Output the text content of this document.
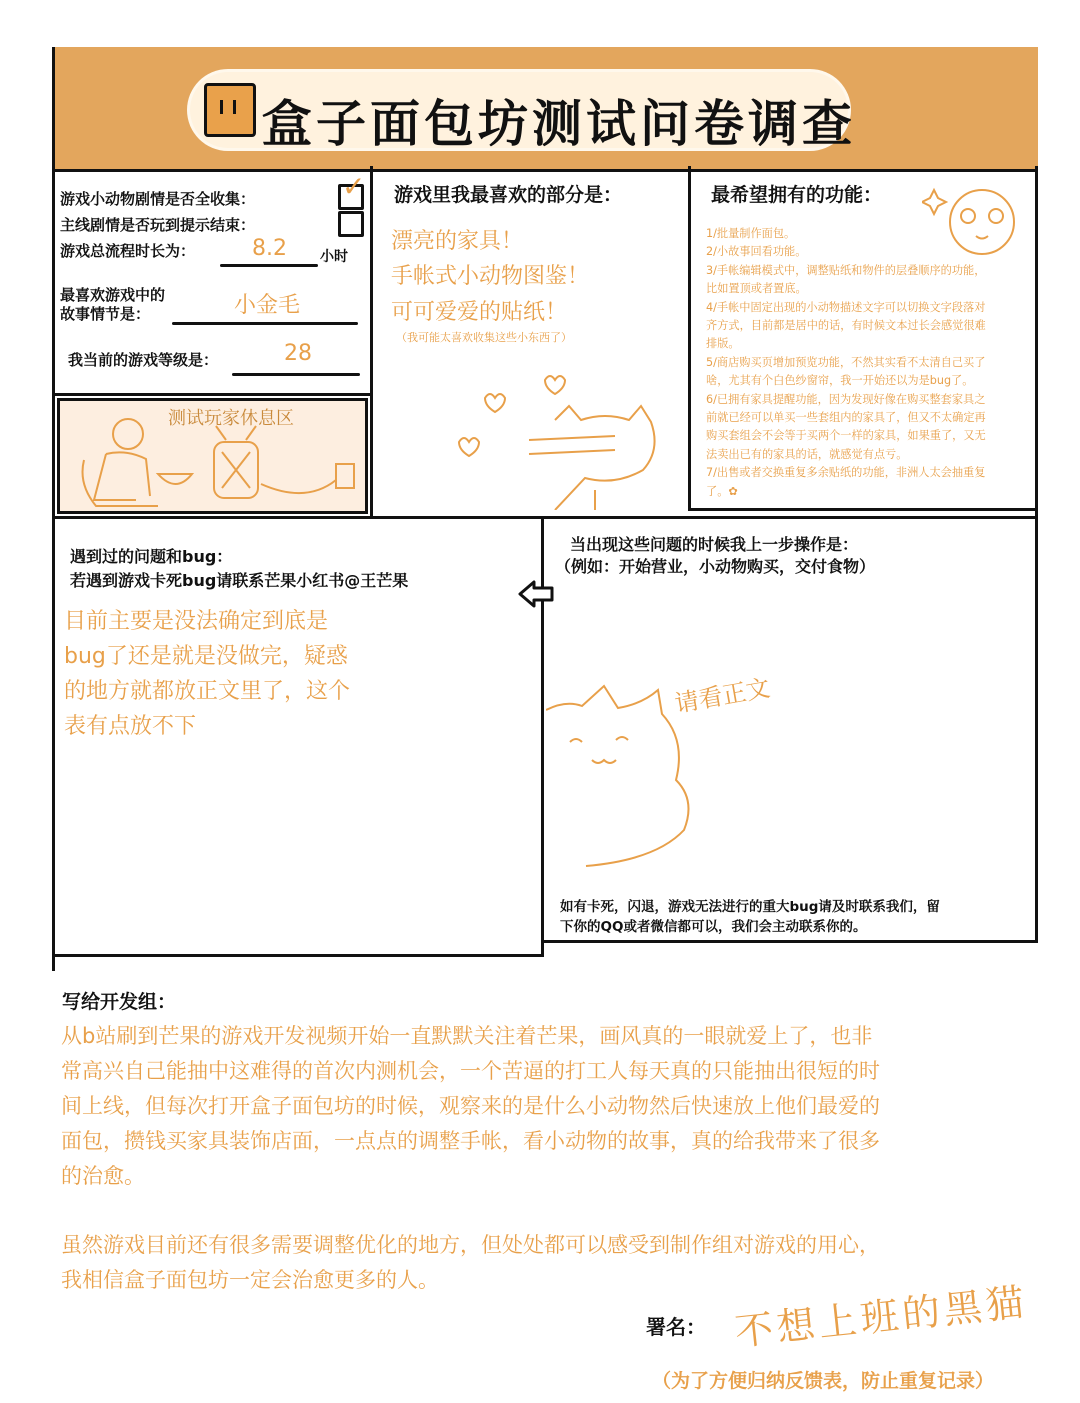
盒子面包坊测试问卷调查
游戏小动物剧情是否全收集：	✓
主线剧情是否玩到提示结束：
游戏总流程时长为：	8.2 小时
最喜欢游戏中的
故事情节是：	小金毛
我当前的游戏等级是：	28
测试玩家休息区
游戏里我最喜欢的部分是：
漂亮的家具！
手帐式小动物图鉴！
可可爱爱的贴纸！
（我可能太喜欢收集这些小东西了）
最希望拥有的功能：
1/批量制作面包。
2/小故事回看功能。
3/手帐编辑模式中，调整贴纸和物件的层叠顺序的功能，
比如置顶或者置底。
4/手帐中固定出现的小动物描述文字可以切换文字段落对
齐方式，目前都是居中的话，有时候文本过长会感觉很难
排版。
5/商店购买页增加预览功能，不然其实看不太清自己买了
啥，尤其有个白色纱窗帘，我一开始还以为是bug了。
6/已拥有家具提醒功能，因为发现好像在购买整套家具之
前就已经可以单买一些套组内的家具了，但又不太确定再
购买套组会不会等于买两个一样的家具，如果重了，又无
法卖出已有的家具的话，就感觉有点亏。
7/出售或者交换重复多余贴纸的功能，非洲人太会抽重复
了。✿
遇到过的问题和bug：
若遇到游戏卡死bug请联系芒果小红书@王芒果
目前主要是没法确定到底是
bug了还是就是没做完，疑惑
的地方就都放正文里了，这个
表有点放不下
当出现这些问题的时候我上一步操作是：
（例如：开始营业，小动物购买，交付食物）
请看正文
如有卡死，闪退，游戏无法进行的重大bug请及时联系我们，留
下你的QQ或者微信都可以，我们会主动联系你的。
写给开发组：
从b站刷到芒果的游戏开发视频开始一直默默关注着芒果，画风真的一眼就爱上了，也非
常高兴自己能抽中这难得的首次内测机会，一个苦逼的打工人每天真的只能抽出很短的时
间上线，但每次打开盒子面包坊的时候，观察来的是什么小动物然后快速放上他们最爱的
面包，攒钱买家具装饰店面，一点点的调整手帐，看小动物的故事，真的给我带来了很多
的治愈。
虽然游戏目前还有很多需要调整优化的地方，但处处都可以感受到制作组对游戏的用心，
我相信盒子面包坊一定会治愈更多的人。
署名： 不想上班的黑猫
（为了方便归纳反馈表，防止重复记录）
